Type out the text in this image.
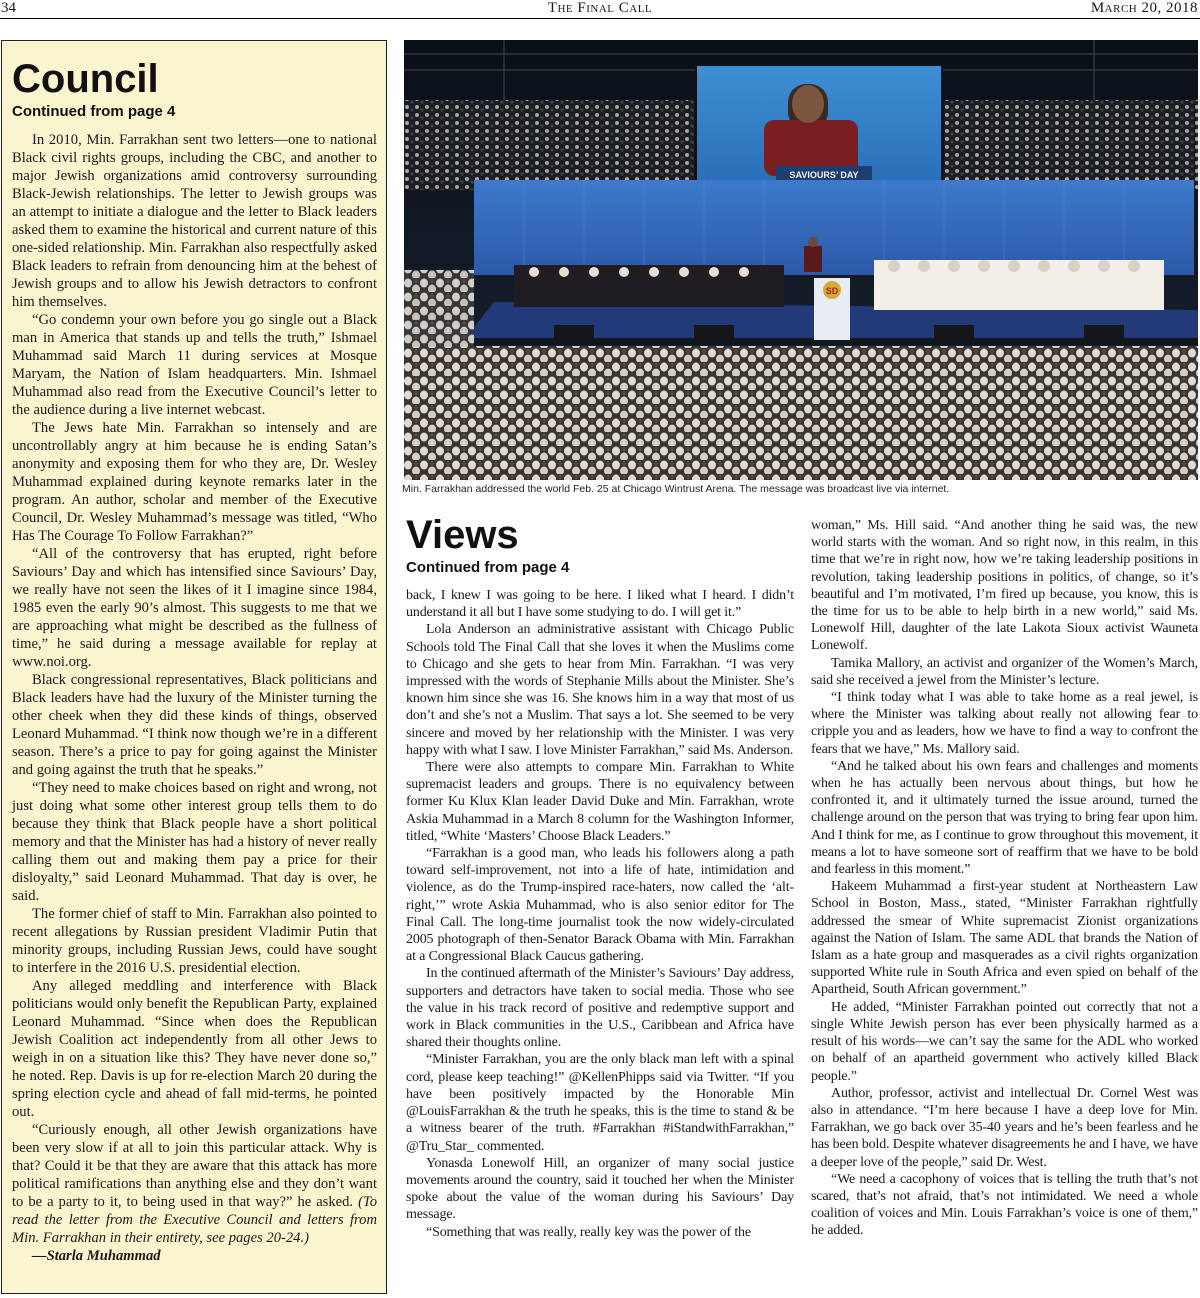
34	The Final Call	March 20, 2018
Council
Continued from page 4

In 2010, Min. Farrakhan sent two letters—one to national Black civil rights groups, including the CBC, and another to major Jewish organizations amid controversy surrounding Black-Jewish relationships. The letter to Jewish groups was an attempt to initiate a dialogue and the letter to Black leaders asked them to examine the historical and current nature of this one-sided relationship. Min. Farrakhan also respectfully asked Black leaders to refrain from denouncing him at the behest of Jewish groups and to allow his Jewish detractors to confront him themselves.

“Go condemn your own before you go single out a Black man in America that stands up and tells the truth,” Ishmael Muhammad said March 11 during services at Mosque Maryam, the Nation of Islam headquarters. Min. Ishmael Muhammad also read from the Executive Council’s letter to the audience during a live internet webcast.

The Jews hate Min. Farrakhan so intensely and are uncontrollably angry at him because he is ending Satan’s anonymity and exposing them for who they are, Dr. Wesley Muhammad explained during keynote remarks later in the program. An author, scholar and member of the Executive Council, Dr. Wesley Muhammad’s message was titled, “Who Has The Courage To Follow Farrakhan?”

“All of the controversy that has erupted, right before Saviours’ Day and which has intensified since Saviours’ Day, we really have not seen the likes of it I imagine since 1984, 1985 even the early 90’s almost. This suggests to me that we are approaching what might be described as the fullness of time,” he said during a message available for replay at www.noi.org.

Black congressional representatives, Black politicians and Black leaders have had the luxury of the Minister turning the other cheek when they did these kinds of things, observed Leonard Muhammad. “I think now though we’re in a different season. There’s a price to pay for going against the Minister and going against the truth that he speaks.”

“They need to make choices based on right and wrong, not just doing what some other interest group tells them to do because they think that Black people have a short political memory and that the Minister has had a history of never really calling them out and making them pay a price for their disloyalty,” said Leonard Muhammad. That day is over, he said.

The former chief of staff to Min. Farrakhan also pointed to recent allegations by Russian president Vladimir Putin that minority groups, including Russian Jews, could have sought to interfere in the 2016 U.S. presidential election.

Any alleged meddling and interference with Black politicians would only benefit the Republican Party, explained Leonard Muhammad. “Since when does the Republican Jewish Coalition act independently from all other Jews to weigh in on a situation like this? They have never done so,” he noted. Rep. Davis is up for re-election March 20 during the spring election cycle and ahead of fall mid-terms, he pointed out.

“Curiously enough, all other Jewish organizations have been very slow if at all to join this particular attack. Why is that? Could it be that they are aware that this attack has more political ramifications than anything else and they don’t want to be a party to it, to being used in that way?” he asked. (To read the letter from the Executive Council and letters from Min. Farrakhan in their entirety, see pages 20-24.)

—Starla Muhammad
SAVIOURS’ DAY
SD
Min. Farrakhan addressed the world Feb. 25 at Chicago Wintrust Arena. The message was broadcast live via internet.
Views
Continued from page 4

back, I knew I was going to be here. I liked what I heard. I didn’t understand it all but I have some studying to do. I will get it.”

Lola Anderson an administrative assistant with Chicago Public Schools told The Final Call that she loves it when the Muslims come to Chicago and she gets to hear from Min. Farrakhan. “I was very impressed with the words of Stephanie Mills about the Minister. She’s known him since she was 16. She knows him in a way that most of us don’t and she’s not a Muslim. That says a lot. She seemed to be very sincere and moved by her relationship with the Minister. I was very happy with what I saw. I love Minister Farrakhan,” said Ms. Anderson.

There were also attempts to compare Min. Farrakhan to White supremacist leaders and groups. There is no equivalency between former Ku Klux Klan leader David Duke and Min. Farrakhan, wrote Askia Muhammad in a March 8 column for the Washington Informer, titled, “White ‘Masters’ Choose Black Leaders.”

“Farrakhan is a good man, who leads his followers along a path toward self-improvement, not into a life of hate, intimidation and violence, as do the Trump-inspired race-haters, now called the ‘alt-right,’” wrote Askia Muhammad, who is also senior editor for The Final Call. The long-time journalist took the now widely-circulated 2005 photograph of then-Senator Barack Obama with Min. Farrakhan at a Congressional Black Caucus gathering.

In the continued aftermath of the Minister’s Saviours’ Day address, supporters and detractors have taken to social media. Those who see the value in his track record of positive and redemptive support and work in Black communities in the U.S., Caribbean and Africa have shared their thoughts online.

“Minister Farrakhan, you are the only black man left with a spinal cord, please keep teaching!” @KellenPhipps said via Twitter. “If you have been positively impacted by the Honorable Min @LouisFarrakhan & the truth he speaks, this is the time to stand & be a witness bearer of the truth. #Farrakhan #iStandwithFarrakhan,” @Tru_Star_ commented.

Yonasda Lonewolf Hill, an organizer of many social justice movements around the country, said it touched her when the Minister spoke about the value of the woman during his Saviours’ Day message.

“Something that was really, really key was the power of the

woman,” Ms. Hill said. “And another thing he said was, the new world starts with the woman. And so right now, in this realm, in this time that we’re in right now, how we’re taking leadership positions in revolution, taking leadership positions in politics, of change, so it’s beautiful and I’m motivated, I’m fired up because, you know, this is the time for us to be able to help birth in a new world,” said Ms. Lonewolf Hill, daughter of the late Lakota Sioux activist Wauneta Lonewolf.

Tamika Mallory, an activist and organizer of the Women’s March, said she received a jewel from the Minister’s lecture.

“I think today what I was able to take home as a real jewel, is where the Minister was talking about really not allowing fear to cripple you and as leaders, how we have to find a way to confront the fears that we have,” Ms. Mallory said.

“And he talked about his own fears and challenges and moments when he has actually been nervous about things, but how he confronted it, and it ultimately turned the issue around, turned the challenge around on the person that was trying to bring fear upon him. And I think for me, as I continue to grow throughout this movement, it means a lot to have someone sort of reaffirm that we have to be bold and fearless in this moment.”

Hakeem Muhammad a first-year student at Northeastern Law School in Boston, Mass., stated, “Minister Farrakhan rightfully addressed the smear of White supremacist Zionist organizations against the Nation of Islam. The same ADL that brands the Nation of Islam as a hate group and masquerades as a civil rights organization supported White rule in South Africa and even spied on behalf of the Apartheid, South African government.”

He added, “Minister Farrakhan pointed out correctly that not a single White Jewish person has ever been physically harmed as a result of his words—we can’t say the same for the ADL who worked on behalf of an apartheid government who actively killed Black people.”

Author, professor, activist and intellectual Dr. Cornel West was also in attendance. “I’m here because I have a deep love for Min. Farrakhan, we go back over 35-40 years and he’s been fearless and he has been bold. Despite whatever disagreements he and I have, we have a deeper love of the people,” said Dr. West.

“We need a cacophony of voices that is telling the truth that’s not scared, that’s not afraid, that’s not intimidated. We need a whole coalition of voices and Min. Louis Farrakhan’s voice is one of them,” he added.
